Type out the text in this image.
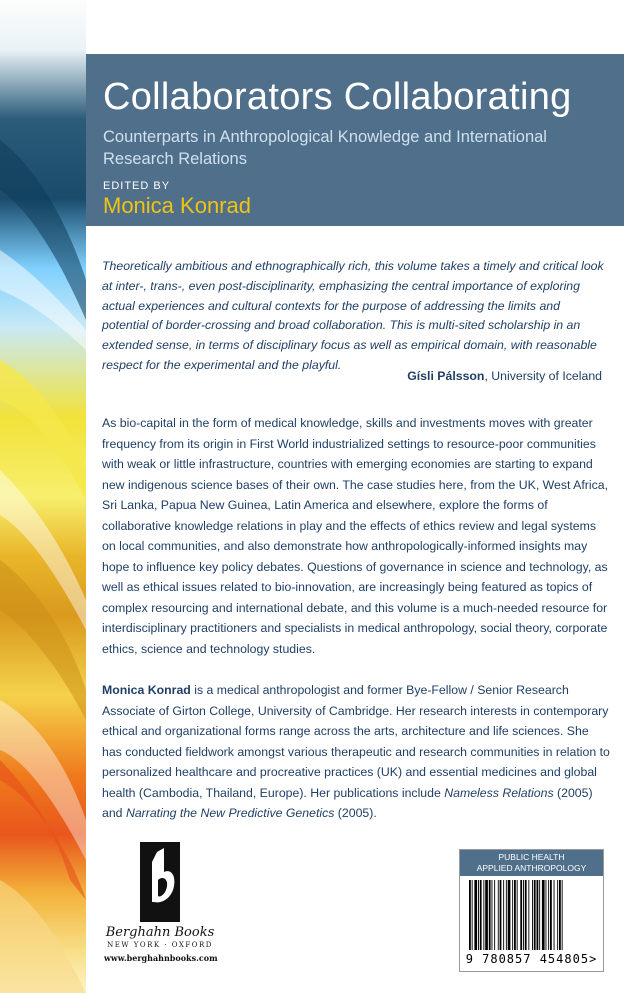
Collaborators Collaborating
Counterparts in Anthropological Knowledge and International Research Relations
EDITED BY
Monica Konrad
Theoretically ambitious and ethnographically rich, this volume takes a timely and critical look at inter-, trans-, even post-disciplinarity, emphasizing the central importance of exploring actual experiences and cultural contexts for the purpose of addressing the limits and potential of border-crossing and broad collaboration. This is multi-sited scholarship in an extended sense, in terms of disciplinary focus as well as empirical domain, with reasonable respect for the experimental and the playful.
Gísli Pálsson, University of Iceland
As bio-capital in the form of medical knowledge, skills and investments moves with greater frequency from its origin in First World industrialized settings to resource-poor communities with weak or little infrastructure, countries with emerging economies are starting to expand new indigenous science bases of their own. The case studies here, from the UK, West Africa, Sri Lanka, Papua New Guinea, Latin America and elsewhere, explore the forms of collaborative knowledge relations in play and the effects of ethics review and legal systems on local communities, and also demonstrate how anthropologically-informed insights may hope to influence key policy debates. Questions of governance in science and technology, as well as ethical issues related to bio-innovation, are increasingly being featured as topics of complex resourcing and international debate, and this volume is a much-needed resource for interdisciplinary practitioners and specialists in medical anthropology, social theory, corporate ethics, science and technology studies.
Monica Konrad is a medical anthropologist and former Bye-Fellow / Senior Research Associate of Girton College, University of Cambridge. Her research interests in contemporary ethical and organizational forms range across the arts, architecture and life sciences. She has conducted fieldwork amongst various therapeutic and research communities in relation to personalized healthcare and procreative practices (UK) and essential medicines and global health (Cambodia, Thailand, Europe). Her publications include Nameless Relations (2005) and Narrating the New Predictive Genetics (2005).
Berghahn Books
NEW YORK · OXFORD
www.berghahnbooks.com
PUBLIC HEALTH
APPLIED ANTHROPOLOGY
9 780857 454805>
